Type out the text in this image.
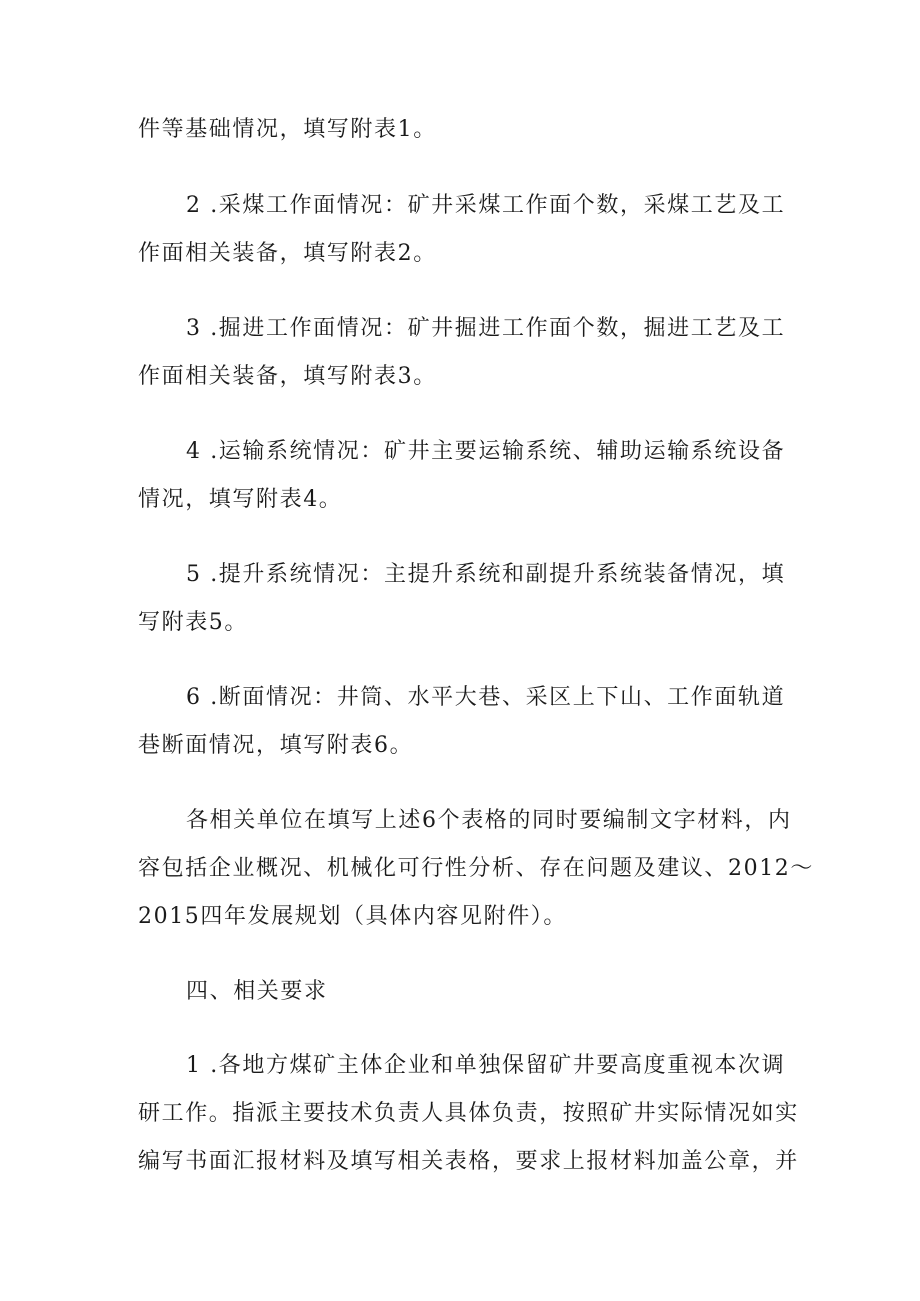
件等基础情况，填写附表1。
2 .采煤工作面情况：矿井采煤工作面个数，采煤工艺及工
作面相关装备，填写附表2。
3 .掘进工作面情况：矿井掘进工作面个数，掘进工艺及工
作面相关装备，填写附表3。
4 .运输系统情况：矿井主要运输系统、辅助运输系统设备
情况，填写附表4。
5 .提升系统情况：主提升系统和副提升系统装备情况，填
写附表5。
6 .断面情况：井筒、水平大巷、采区上下山、工作面轨道
巷断面情况，填写附表6。
各相关单位在填写上述6个表格的同时要编制文字材料，内
容包括企业概况、机械化可行性分析、存在问题及建议、2012～
2015四年发展规划（具体内容见附件）。
四、相关要求
1 .各地方煤矿主体企业和单独保留矿井要高度重视本次调
研工作。指派主要技术负责人具体负责，按照矿井实际情况如实
编写书面汇报材料及填写相关表格，要求上报材料加盖公章，并
